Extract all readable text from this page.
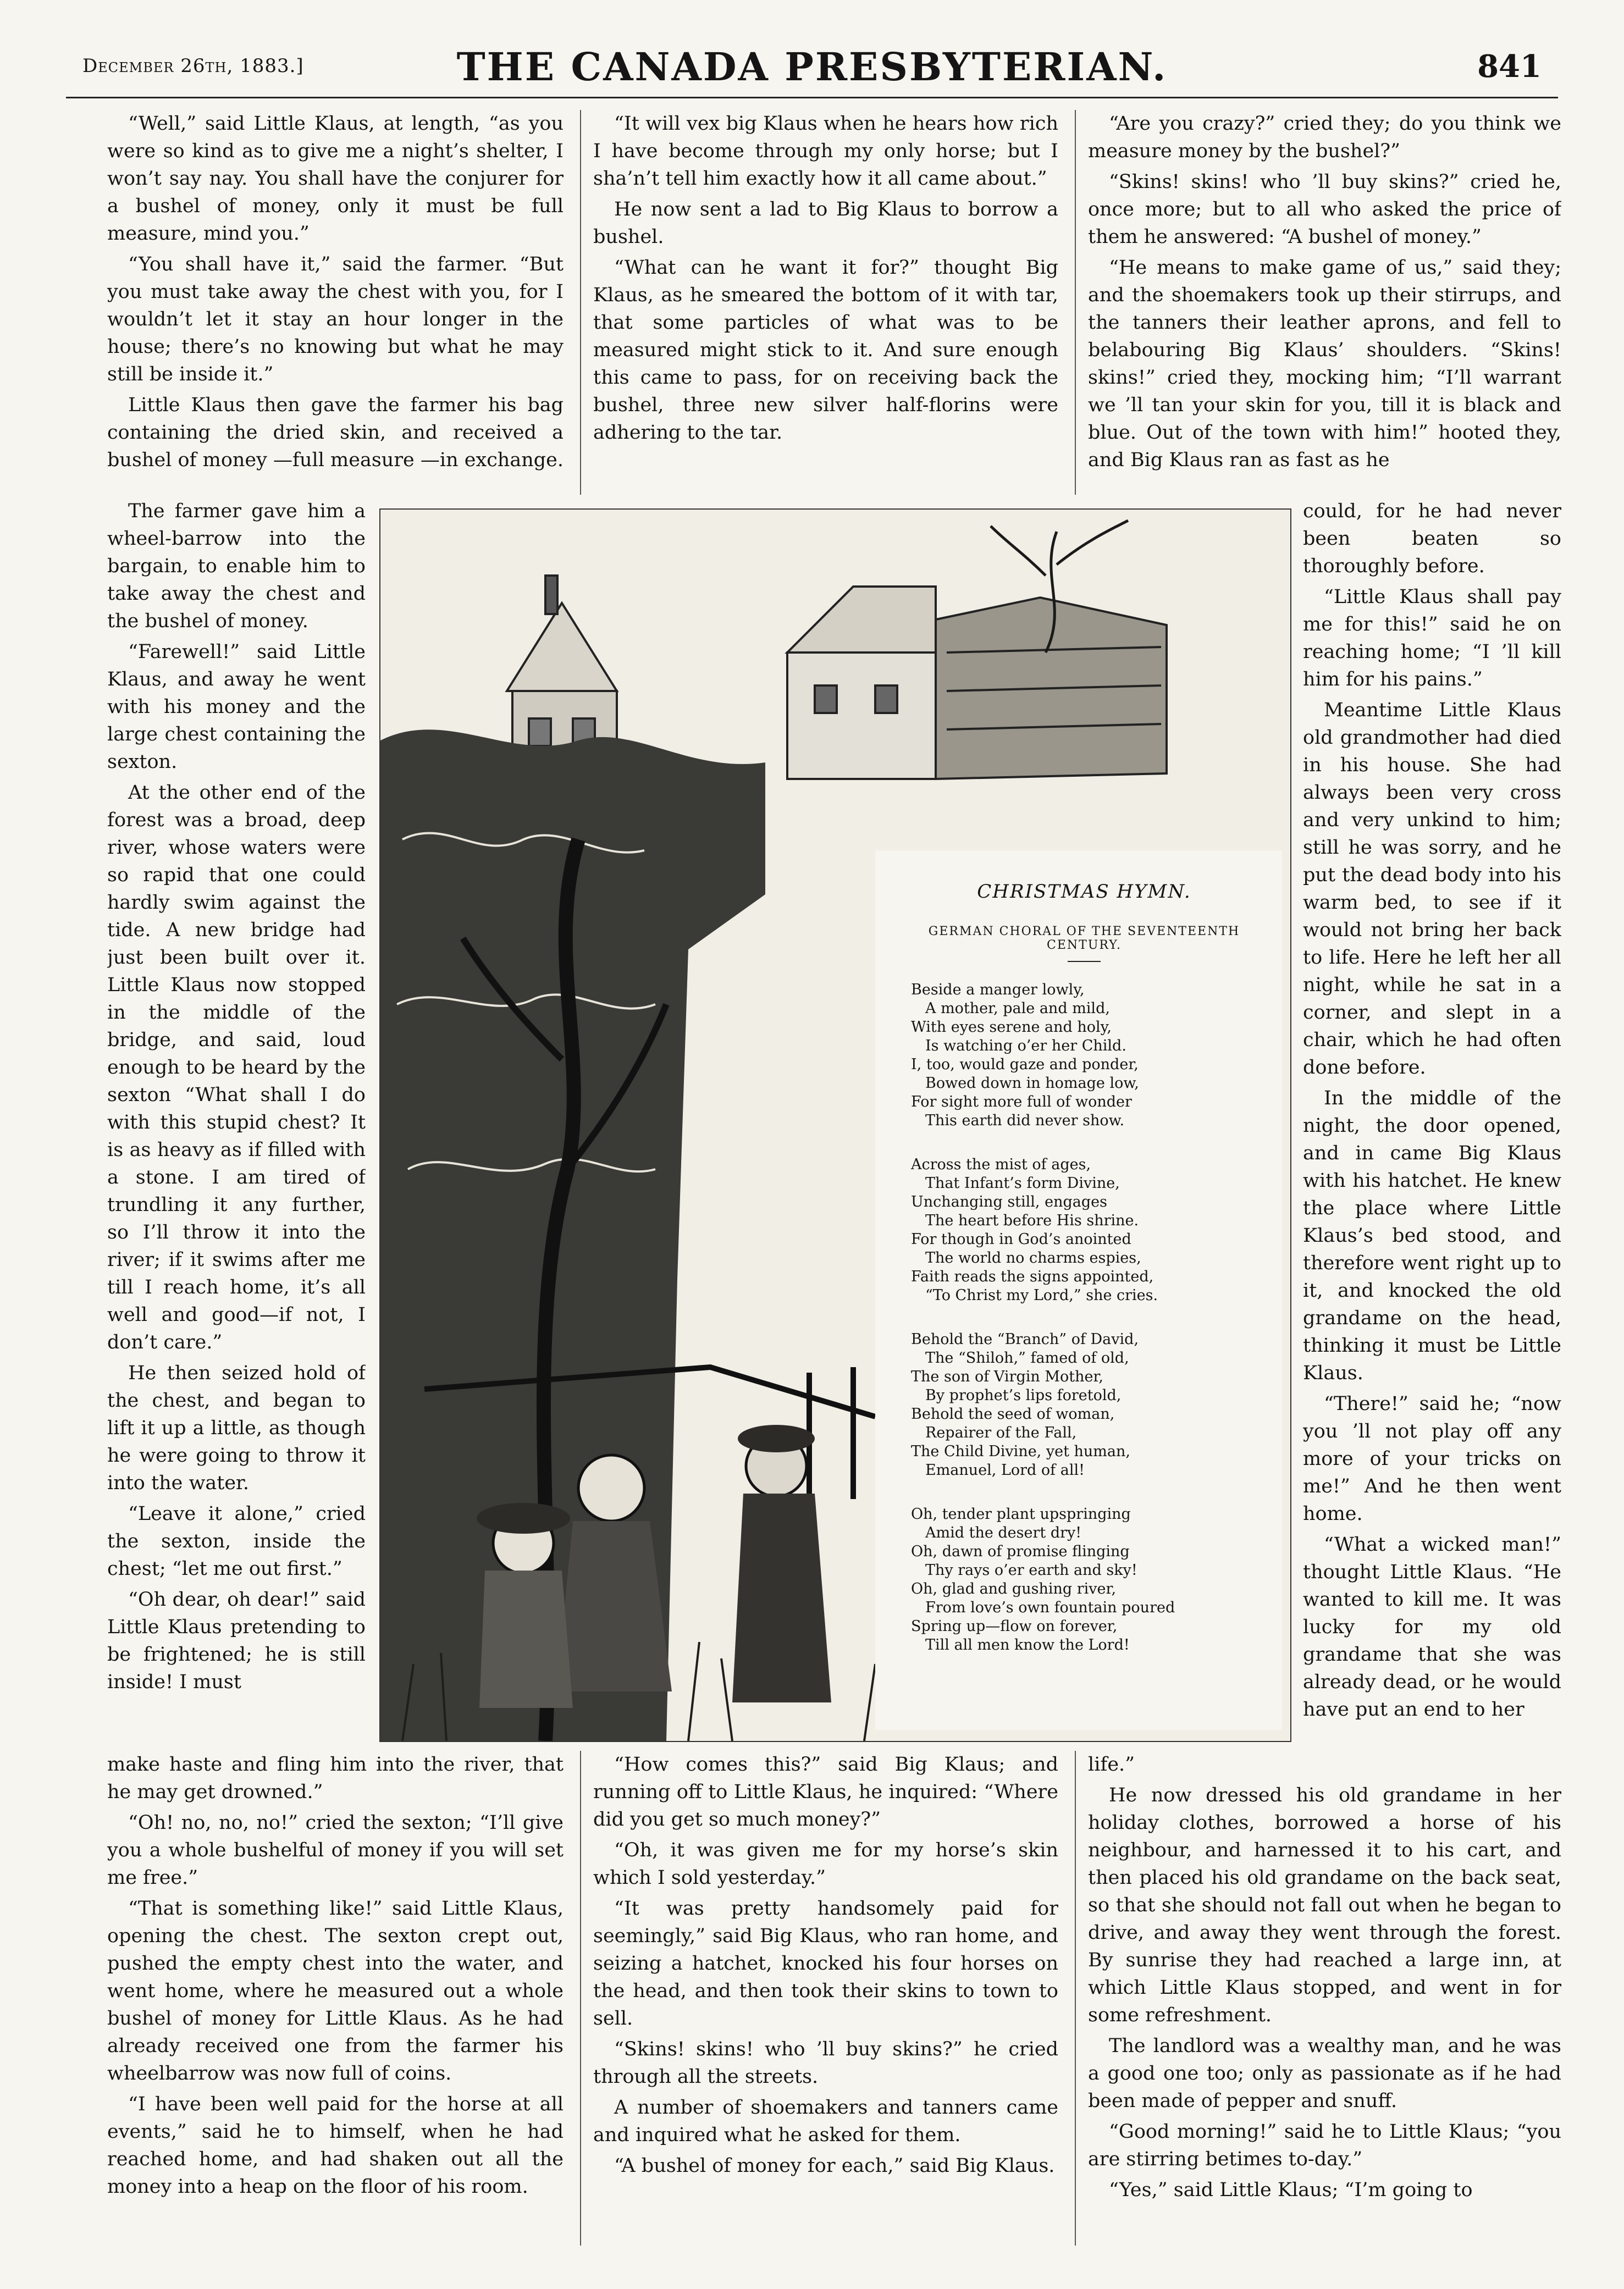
December 26th, 1883.]	THE CANADA PRESBYTERIAN.	841

“Well,” said Little Klaus, at length, “as you were so kind as to give me a night’s shelter, I won’t say nay. You shall have the conjurer for a bushel of money, only it must be full measure, mind you.”

“You shall have it,” said the farmer. “But you must take away the chest with you, for I wouldn’t let it stay an hour longer in the house; there’s no knowing but what he may still be inside it.”

Little Klaus then gave the farmer his bag containing the dried skin, and received a bushel of money —full measure —in exchange.

The farmer gave him a wheel-barrow into the bargain, to enable him to take away the chest and the bushel of money.

“Farewell!” said Little Klaus, and away he went with his money and the large chest containing the sexton.

At the other end of the forest was a broad, deep river, whose waters were so rapid that one could hardly swim against the tide. A new bridge had just been built over it. Little Klaus now stopped in the middle of the bridge, and said, loud enough to be heard by the sexton “What shall I do with this stupid chest? It is as heavy as if filled with a stone. I am tired of trundling it any further, so I’ll throw it into the river; if it swims after me till I reach home, it’s all well and good—if not, I don’t care.”

He then seized hold of the chest, and began to lift it up a little, as though he were going to throw it into the water.

“Leave it alone,” cried the sexton, inside the chest; “let me out first.”

“Oh dear, oh dear!” said Little Klaus pretending to be frightened; he is still inside! I must

make haste and fling him into the river, that he may get drowned.”

“Oh! no, no, no!” cried the sexton; “I’ll give you a whole bushelful of money if you will set me free.”

“That is something like!” said Little Klaus, opening the chest. The sexton crept out, pushed the empty chest into the water, and went home, where he measured out a whole bushel of money for Little Klaus. As he had already received one from the farmer his wheelbarrow was now full of coins.

“I have been well paid for the horse at all events,” said he to himself, when he had reached home, and had shaken out all the money into a heap on the floor of his room.

“It will vex big Klaus when he hears how rich I have become through my only horse; but I sha’n’t tell him exactly how it all came about.”

He now sent a lad to Big Klaus to borrow a bushel.

“What can he want it for?” thought Big Klaus, as he smeared the bottom of it with tar, that some particles of what was to be measured might stick to it. And sure enough this came to pass, for on receiving back the bushel, three new silver half-florins were adhering to the tar.

“How comes this?” said Big Klaus; and running off to Little Klaus, he inquired: “Where did you get so much money?”

“Oh, it was given me for my horse’s skin which I sold yesterday.”

“It was pretty handsomely paid for seemingly,” said Big Klaus, who ran home, and seizing a hatchet, knocked his four horses on the head, and then took their skins to town to sell.

“Skins! skins! who ’ll buy skins?” he cried through all the streets.

A number of shoemakers and tanners came and inquired what he asked for them.

“A bushel of money for each,” said Big Klaus.

“Are you crazy?” cried they; do you think we measure money by the bushel?”

“Skins! skins! who ’ll buy skins?” cried he, once more; but to all who asked the price of them he answered: “A bushel of money.”

“He means to make game of us,” said they; and the shoemakers took up their stirrups, and the tanners their leather aprons, and fell to belabouring Big Klaus’ shoulders. “Skins! skins!” cried they, mocking him; “I’ll warrant we ’ll tan your skin for you, till it is black and blue. Out of the town with him!” hooted they, and Big Klaus ran as fast as he

could, for he had never been beaten so thoroughly before.

“Little Klaus shall pay me for this!” said he on reaching home; “I ’ll kill him for his pains.”

Meantime Little Klaus old grandmother had died in his house. She had always been very cross and very unkind to him; still he was sorry, and he put the dead body into his warm bed, to see if it would not bring her back to life. Here he left her all night, while he sat in a corner, and slept in a chair, which he had often done before.

In the middle of the night, the door opened, and in came Big Klaus with his hatchet. He knew the place where Little Klaus’s bed stood, and therefore went right up to it, and knocked the old grandame on the head, thinking it must be Little Klaus.

“There!” said he; “now you ’ll not play off any more of your tricks on me!” And he then went home.

“What a wicked man!” thought Little Klaus. “He wanted to kill me. It was lucky for my old grandame that she was already dead, or he would have put an end to her

life.”

He now dressed his old grandame in her holiday clothes, borrowed a horse of his neighbour, and harnessed it to his cart, and then placed his old grandame on the back seat, so that she should not fall out when he began to drive, and away they went through the forest. By sunrise they had reached a large inn, at which Little Klaus stopped, and went in for some refreshment.

The landlord was a wealthy man, and he was a good one too; only as passionate as if he had been made of pepper and snuff.

“Good morning!” said he to Little Klaus; “you are stirring betimes to-day.”

“Yes,” said Little Klaus; “I’m going to

CHRISTMAS HYMN.
GERMAN CHORAL OF THE SEVENTEENTH CENTURY.
Beside a manger lowly,
A mother, pale and mild,
With eyes serene and holy,
Is watching o’er her Child.
I, too, would gaze and ponder,
Bowed down in homage low,
For sight more full of wonder
This earth did never show.
Across the mist of ages,
That Infant’s form Divine,
Unchanging still, engages
The heart before His shrine.
For though in God’s anointed
The world no charms espies,
Faith reads the signs appointed,
“To Christ my Lord,” she cries.
Behold the “Branch” of David,
The “Shiloh,” famed of old,
The son of Virgin Mother,
By prophet’s lips foretold,
Behold the seed of woman,
Repairer of the Fall,
The Child Divine, yet human,
Emanuel, Lord of all!
Oh, tender plant upspringing
Amid the desert dry!
Oh, dawn of promise flinging
Thy rays o’er earth and sky!
Oh, glad and gushing river,
From love’s own fountain poured
Spring up—flow on forever,
Till all men know the Lord!
